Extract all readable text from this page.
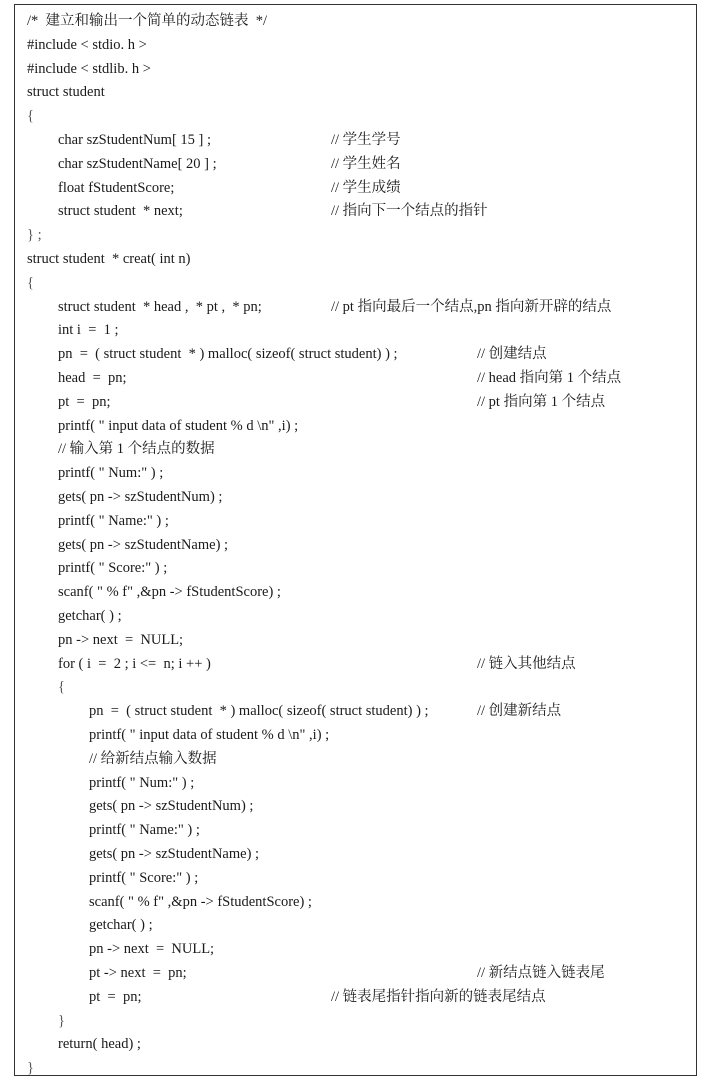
/*  建立和输出一个简单的动态链表  */
#include < stdio. h >
#include < stdlib. h >
struct student
{
char szStudentNum[ 15 ] ;	// 学生学号
char szStudentName[ 20 ] ;	// 学生姓名
float fStudentScore;	// 学生成绩
struct student  * next;	// 指向下一个结点的指针
} ;
struct student  * creat( int n)
{
struct student  * head ,  * pt ,  * pn;	// pt 指向最后一个结点,pn 指向新开辟的结点
int i  =  1 ;
pn  =  ( struct student  * ) malloc( sizeof( struct student) ) ;	// 创建结点
head  =  pn;	// head 指向第 1 个结点
pt  =  pn;	// pt 指向第 1 个结点
printf( " input data of student % d \n" ,i) ;
// 输入第 1 个结点的数据
printf( " Num:" ) ;
gets( pn -> szStudentNum) ;
printf( " Name:" ) ;
gets( pn -> szStudentName) ;
printf( " Score:" ) ;
scanf( " % f" ,&pn -> fStudentScore) ;
getchar( ) ;
pn -> next  =  NULL;
for ( i  =  2 ; i <=  n; i ++ )	// 链入其他结点
{
pn  =  ( struct student  * ) malloc( sizeof( struct student) ) ;	// 创建新结点
printf( " input data of student % d \n" ,i) ;
// 给新结点输入数据
printf( " Num:" ) ;
gets( pn -> szStudentNum) ;
printf( " Name:" ) ;
gets( pn -> szStudentName) ;
printf( " Score:" ) ;
scanf( " % f" ,&pn -> fStudentScore) ;
getchar( ) ;
pn -> next  =  NULL;
pt -> next  =  pn;	// 新结点链入链表尾
pt  =  pn;	// 链表尾指针指向新的链表尾结点
}
return( head) ;
}
